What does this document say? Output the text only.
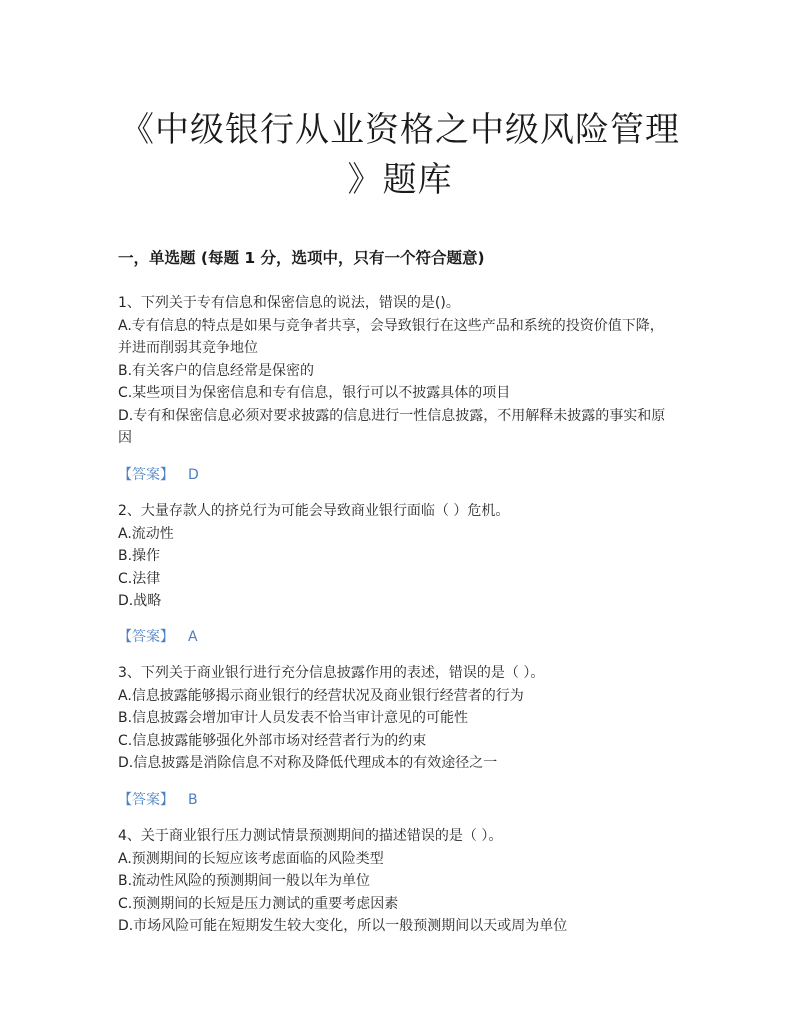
《中级银行从业资格之中级风险管理
》题库
一，单选题 (每题 1 分，选项中，只有一个符合题意)
1、下列关于专有信息和保密信息的说法，错误的是()。
A.专有信息的特点是如果与竞争者共享，会导致银行在这些产品和系统的投资价值下降，
并进而削弱其竞争地位
B.有关客户的信息经常是保密的
C.某些项目为保密信息和专有信息，银行可以不披露具体的项目
D.专有和保密信息必须对要求披露的信息进行一性信息披露，不用解释未披露的事实和原
因
【答案】 D
2、大量存款人的挤兑行为可能会导致商业银行面临（ ）危机。
A.流动性
B.操作
C.法律
D.战略
【答案】 A
3、下列关于商业银行进行充分信息披露作用的表述，错误的是（ ）。
A.信息披露能够揭示商业银行的经营状况及商业银行经营者的行为
B.信息披露会增加审计人员发表不恰当审计意见的可能性
C.信息披露能够强化外部市场对经营者行为的约束
D.信息披露是消除信息不对称及降低代理成本的有效途径之一
【答案】 B
4、关于商业银行压力测试情景预测期间的描述错误的是（ ）。
A.预测期间的长短应该考虑面临的风险类型
B.流动性风险的预测期间一般以年为单位
C.预测期间的长短是压力测试的重要考虑因素
D.市场风险可能在短期发生较大变化，所以一般预测期间以天或周为单位
